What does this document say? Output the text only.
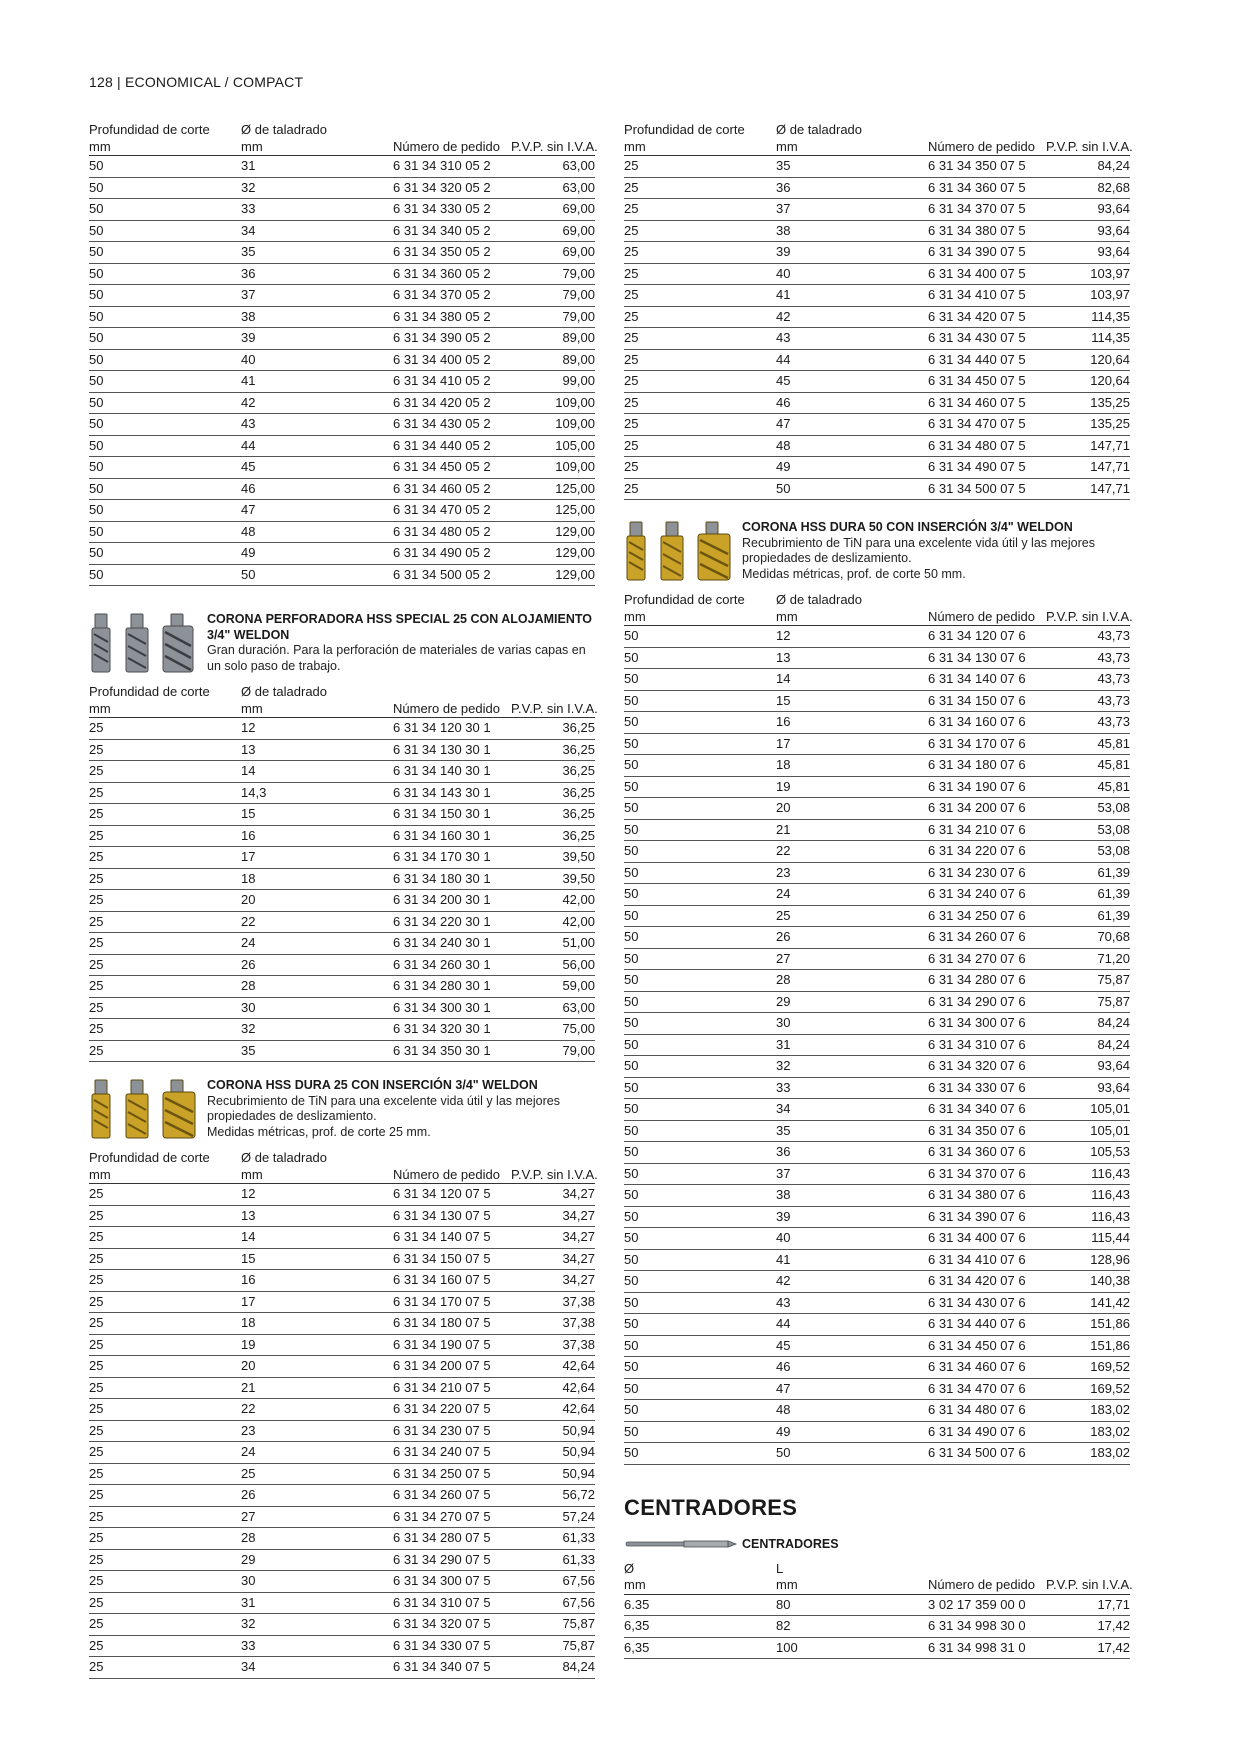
128 | ECONOMICAL / COMPACT
Profundidad de corte	Ø de taladrado		
mm	mm	Número de pedido	P.V.P. sin I.V.A.
50	31	6 31 34 310 05 2	63,00
50	32	6 31 34 320 05 2	63,00
50	33	6 31 34 330 05 2	69,00
50	34	6 31 34 340 05 2	69,00
50	35	6 31 34 350 05 2	69,00
50	36	6 31 34 360 05 2	79,00
50	37	6 31 34 370 05 2	79,00
50	38	6 31 34 380 05 2	79,00
50	39	6 31 34 390 05 2	89,00
50	40	6 31 34 400 05 2	89,00
50	41	6 31 34 410 05 2	99,00
50	42	6 31 34 420 05 2	109,00
50	43	6 31 34 430 05 2	109,00
50	44	6 31 34 440 05 2	105,00
50	45	6 31 34 450 05 2	109,00
50	46	6 31 34 460 05 2	125,00
50	47	6 31 34 470 05 2	125,00
50	48	6 31 34 480 05 2	129,00
50	49	6 31 34 490 05 2	129,00
50	50	6 31 34 500 05 2	129,00
CORONA PERFORADORA HSS SPECIAL 25 CON ALOJAMIENTO 3/4" WELDON
Gran duración. Para la perforación de materiales de varias capas en un solo paso de trabajo.
Profundidad de corte	Ø de taladrado		
mm	mm	Número de pedido	P.V.P. sin I.V.A.
25	12	6 31 34 120 30 1	36,25
25	13	6 31 34 130 30 1	36,25
25	14	6 31 34 140 30 1	36,25
25	14,3	6 31 34 143 30 1	36,25
25	15	6 31 34 150 30 1	36,25
25	16	6 31 34 160 30 1	36,25
25	17	6 31 34 170 30 1	39,50
25	18	6 31 34 180 30 1	39,50
25	20	6 31 34 200 30 1	42,00
25	22	6 31 34 220 30 1	42,00
25	24	6 31 34 240 30 1	51,00
25	26	6 31 34 260 30 1	56,00
25	28	6 31 34 280 30 1	59,00
25	30	6 31 34 300 30 1	63,00
25	32	6 31 34 320 30 1	75,00
25	35	6 31 34 350 30 1	79,00
CORONA HSS DURA 25 CON INSERCIÓN 3/4" WELDON
Recubrimiento de TiN para una excelente vida útil y las mejores propiedades de deslizamiento.
Medidas métricas, prof. de corte 25 mm.
Profundidad de corte	Ø de taladrado		
mm	mm	Número de pedido	P.V.P. sin I.V.A.
25	12	6 31 34 120 07 5	34,27
25	13	6 31 34 130 07 5	34,27
25	14	6 31 34 140 07 5	34,27
25	15	6 31 34 150 07 5	34,27
25	16	6 31 34 160 07 5	34,27
25	17	6 31 34 170 07 5	37,38
25	18	6 31 34 180 07 5	37,38
25	19	6 31 34 190 07 5	37,38
25	20	6 31 34 200 07 5	42,64
25	21	6 31 34 210 07 5	42,64
25	22	6 31 34 220 07 5	42,64
25	23	6 31 34 230 07 5	50,94
25	24	6 31 34 240 07 5	50,94
25	25	6 31 34 250 07 5	50,94
25	26	6 31 34 260 07 5	56,72
25	27	6 31 34 270 07 5	57,24
25	28	6 31 34 280 07 5	61,33
25	29	6 31 34 290 07 5	61,33
25	30	6 31 34 300 07 5	67,56
25	31	6 31 34 310 07 5	67,56
25	32	6 31 34 320 07 5	75,87
25	33	6 31 34 330 07 5	75,87
25	34	6 31 34 340 07 5	84,24
Profundidad de corte	Ø de taladrado		
mm	mm	Número de pedido	P.V.P. sin I.V.A.
25	35	6 31 34 350 07 5	84,24
25	36	6 31 34 360 07 5	82,68
25	37	6 31 34 370 07 5	93,64
25	38	6 31 34 380 07 5	93,64
25	39	6 31 34 390 07 5	93,64
25	40	6 31 34 400 07 5	103,97
25	41	6 31 34 410 07 5	103,97
25	42	6 31 34 420 07 5	114,35
25	43	6 31 34 430 07 5	114,35
25	44	6 31 34 440 07 5	120,64
25	45	6 31 34 450 07 5	120,64
25	46	6 31 34 460 07 5	135,25
25	47	6 31 34 470 07 5	135,25
25	48	6 31 34 480 07 5	147,71
25	49	6 31 34 490 07 5	147,71
25	50	6 31 34 500 07 5	147,71
CORONA HSS DURA 50 CON INSERCIÓN 3/4" WELDON
Recubrimiento de TiN para una excelente vida útil y las mejores propiedades de deslizamiento.
Medidas métricas, prof. de corte 50 mm.
Profundidad de corte	Ø de taladrado		
mm	mm	Número de pedido	P.V.P. sin I.V.A.
50	12	6 31 34 120 07 6	43,73
50	13	6 31 34 130 07 6	43,73
50	14	6 31 34 140 07 6	43,73
50	15	6 31 34 150 07 6	43,73
50	16	6 31 34 160 07 6	43,73
50	17	6 31 34 170 07 6	45,81
50	18	6 31 34 180 07 6	45,81
50	19	6 31 34 190 07 6	45,81
50	20	6 31 34 200 07 6	53,08
50	21	6 31 34 210 07 6	53,08
50	22	6 31 34 220 07 6	53,08
50	23	6 31 34 230 07 6	61,39
50	24	6 31 34 240 07 6	61,39
50	25	6 31 34 250 07 6	61,39
50	26	6 31 34 260 07 6	70,68
50	27	6 31 34 270 07 6	71,20
50	28	6 31 34 280 07 6	75,87
50	29	6 31 34 290 07 6	75,87
50	30	6 31 34 300 07 6	84,24
50	31	6 31 34 310 07 6	84,24
50	32	6 31 34 320 07 6	93,64
50	33	6 31 34 330 07 6	93,64
50	34	6 31 34 340 07 6	105,01
50	35	6 31 34 350 07 6	105,01
50	36	6 31 34 360 07 6	105,53
50	37	6 31 34 370 07 6	116,43
50	38	6 31 34 380 07 6	116,43
50	39	6 31 34 390 07 6	116,43
50	40	6 31 34 400 07 6	115,44
50	41	6 31 34 410 07 6	128,96
50	42	6 31 34 420 07 6	140,38
50	43	6 31 34 430 07 6	141,42
50	44	6 31 34 440 07 6	151,86
50	45	6 31 34 450 07 6	151,86
50	46	6 31 34 460 07 6	169,52
50	47	6 31 34 470 07 6	169,52
50	48	6 31 34 480 07 6	183,02
50	49	6 31 34 490 07 6	183,02
50	50	6 31 34 500 07 6	183,02
CENTRADORES
CENTRADORES
Ø	L		
mm	mm	Número de pedido	P.V.P. sin I.V.A.
6.35	80	3 02 17 359 00 0	17,71
6,35	82	6 31 34 998 30 0	17,42
6,35	100	6 31 34 998 31 0	17,42
